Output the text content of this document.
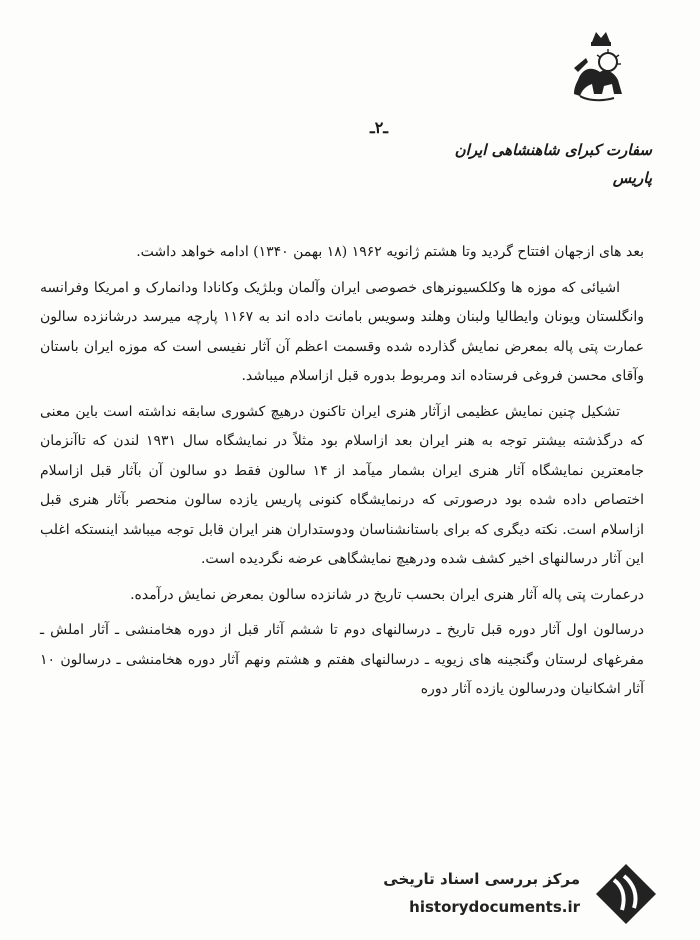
ـ۲ـ
سفارت کبرای شاهنشاهی ایران
پاریس

بعد های ازجهان افتتاح گردید وتا هشتم ژانویه ۱۹۶۲ (۱۸ بهمن ۱۳۴۰) ادامه خواهد داشت.

اشیائی که موزه ها وکلکسیونرهای خصوصی ایران وآلمان وبلژیک وکانادا ودانمارک و امریکا وفرانسه وانگلستان ویونان وایطالیا ولبنان وهلند وسویس بامانت داده اند به ۱۱۶۷ پارچه میرسد درشانزده سالون عمارت پتی پاله بمعرض نمایش گذارده شده وقسمت اعظم آن آثار نفیسی است که موزه ایران باستان وآقای محسن فروغی فرستاده اند ومربوط بدوره قبل ازاسلام میباشد.

تشکیل چنین نمایش عظیمی ازآثار هنری ایران تاکنون درهیچ کشوری سابقه نداشته است باین معنی که درگذشته بیشتر توجه به هنر ایران بعد ازاسلام بود مثلاً در نمایشگاه سال ۱۹۳۱ لندن که تاآنزمان جامعترین نمایشگاه آثار هنری ایران بشمار میآمد از ۱۴ سالون فقط دو سالون آن بآثار قبل ازاسلام اختصاص داده شده بود درصورتی که درنمایشگاه کنونی پاریس یازده سالون منحصر بآثار هنری قبل ازاسلام است. نکته دیگری که برای باستانشناسان ودوستداران هنر ایران قابل توجه میباشد اینستکه اغلب این آثار درسالنهای اخیر کشف شده ودرهیچ نمایشگاهی عرضه نگردیده است.

درعمارت پتی پاله آثار هنری ایران بحسب تاریخ در شانزده سالون بمعرض نمایش درآمده.

درسالون اول آثار دوره قبل تاریخ ـ درسالنهای دوم تا ششم آثار قبل از دوره هخامنشی ـ آثار املش ـ مفرغهای لرستان وگنجینه های زیویه ـ درسالنهای هفتم و هشتم ونهم آثار دوره هخامنشی ـ درسالون ۱۰ آثار اشکانیان ودرسالون یازده آثار دوره

مرکز بررسی اسناد تاریخی
historydocuments.ir
